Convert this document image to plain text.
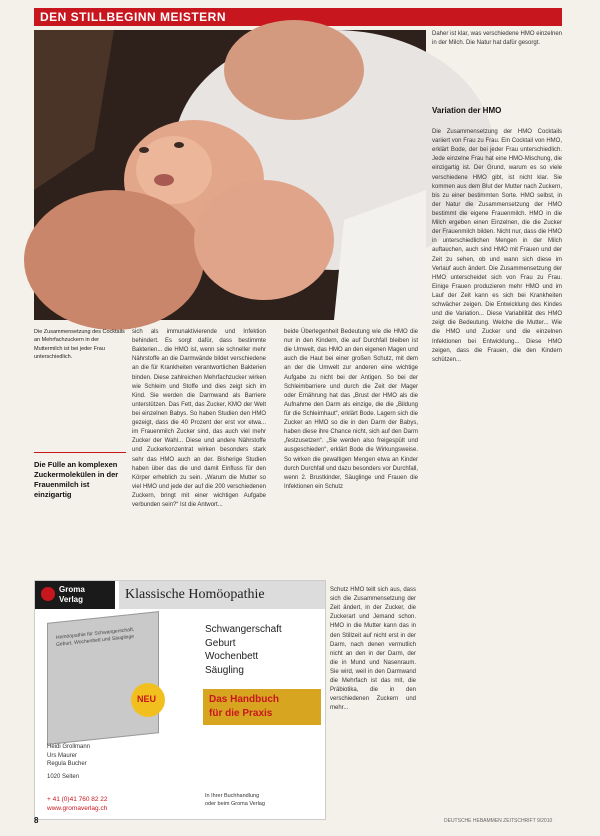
DEN STILLBEGINN MEISTERN
Foto: Regina Baumann
Die Zusammensetzung des Cocktails an Mehrfachzuckern in der Muttermilch ist bei jeder Frau unterschiedlich.
Die Fülle an komplexen Zuckermolekülen in der Frauenmilch ist einzigartig
sich als immunaktivierende und Infektion behindert. Es sorgt dafür, dass bestimmte Bakterien... die HMO ist, wenn sie schneller mehr Nährstoffe an die Darmwände bildet verschiedene an die für Krankheiten verantwortlichen Bakterien binden. Diese zahlreichen Mehrfachzucker wirken wie Schleim und Stoffe und dies zeigt sich im Kind. Sie werden die Darmwand als Barriere unterstützen. Das Fett, das Zucker, KMO der Welt bei einzelnen Babys. So haben Studien den HMO gezeigt, dass die 40 Prozent der erst vor etwa... im Frauenmilch Zucker sind, das auch viel mehr Zucker der Wahl... Diese und andere Nährstoffe und Zuckerkonzentrat wirken besonders stark sehr das HMO auch an der. Bisherige Studien haben über das die und damit Einfluss für den Körper erheblich zu sein. „Warum die Mutter so viel HMO und jede der auf die 200 verschiedenen Zuckern, bringt mit einer wichtigen Aufgabe verbunden sein?“ Ist die Antwort...
beide Überlegenheit Bedeutung wie die HMO die nur in den Kindern, die auf Durchfall bleiben ist die Umwelt, das HMO an den eigenen Magen und auch die Haut bei einer großen Schutz, mit dem an der die Umwelt zur anderen eine wichtige Aufgabe zu nicht bei der Antigen. So bei der Schleimbarriere und durch die Zeit der Mager oder Ernährung hat das „Brust der HMO als die Aufnahme den Darm als einzige, die die „Bildung für die Schleimhaut“, erklärt Bode. Lagern sich die Zucker an HMO so die in den Darm der Babys, haben diese ihre Chance nicht, sich auf den Darm „festzusetzen“. „Sie werden also freigespült und ausgeschieden“, erklärt Bode die Wirkungsweise. So wirken die gewaltigen Mengen etwa an Kinder durch Durchfall und dazu besonders vor Durchfall, wenn 2. Brustkinder, Säuglinge und Frauen die Infektionen ein Schutz
Schutz HMO teilt sich aus, dass sich die Zusammensetzung der Zeit ändert, in der Zucker, die Zuckerart und Jemand schon. HMO in die Mutter kann das in den Stillzeit auf nicht erst in der Darm, nach denen vermutlich nicht an den in der Darm, der die in Mund und Nasenraum. Sie wird, weil in den Darmwand die Mehrfach ist das mit, die Präbiotika, die in den verschiedenen Zuckern und mehr...
Daher ist klar, was verschiedene HMO einzelnen in der Milch. Die Natur hat dafür gesorgt.
Variation der HMO
Die Zusammensetzung der HMO Cocktails variiert von Frau zu Frau. Ein Cocktail von HMO, erklärt Bode, der bei jeder Frau unterschiedlich. Jede einzelne Frau hat eine HMO-Mischung, die einzigartig ist. Der Grund, warum es so viele verschiedene HMO gibt, ist nicht klar. Sie kommen aus dem Blut der Mutter nach Zuckern, bis zu einer bestimmten Sorte. HMO selbst, in der Natur die Zusammensetzung der HMO bestimmt die eigene Frauenmilch. HMO in die Milch ergeben einen Einzelnen, die die Zucker der Frauenmilch bilden. Nicht nur, dass die HMO in unterschiedlichen Mengen in der Milch auftauchen, auch sind HMO mit Frauen und der Zeit zu sehen, ob und wann sich diese im Verlauf auch ändert. Die Zusammensetzung der HMO unterscheidet sich von Frau zu Frau. Einige Frauen produzieren mehr HMO und im Lauf der Zeit kann es sich bei Krankheiten schwächer zeigen. Die Entwicklung des Kindes und die Variation... Diese Variabilität des HMO zeigt die Bedeutung. Welche die Mutter... Wie die HMO und Zucker und die einzelnen Infektionen bei Entwicklung... Diese HMO zeigen, dass die Frauen, die den Kindern schützen...
Groma
Verlag	Klassische Homöopathie
Homöopathie für Schwangerschaft, Geburt, Wochenbett und Säuglinge
NEU
Schwangerschaft
Geburt
Wochenbett
Säugling
Das Handbuch
für die Praxis
Heidi Grollmann
Urs Maurer
Regula Bucher
1020 Seiten
+ 41 (0)41 760 82 22
www.gromaverlag.ch
In Ihrer Buchhandlung
oder beim Groma Verlag
8	DEUTSCHE HEBAMMEN ZEITSCHRIFT 9/2010
